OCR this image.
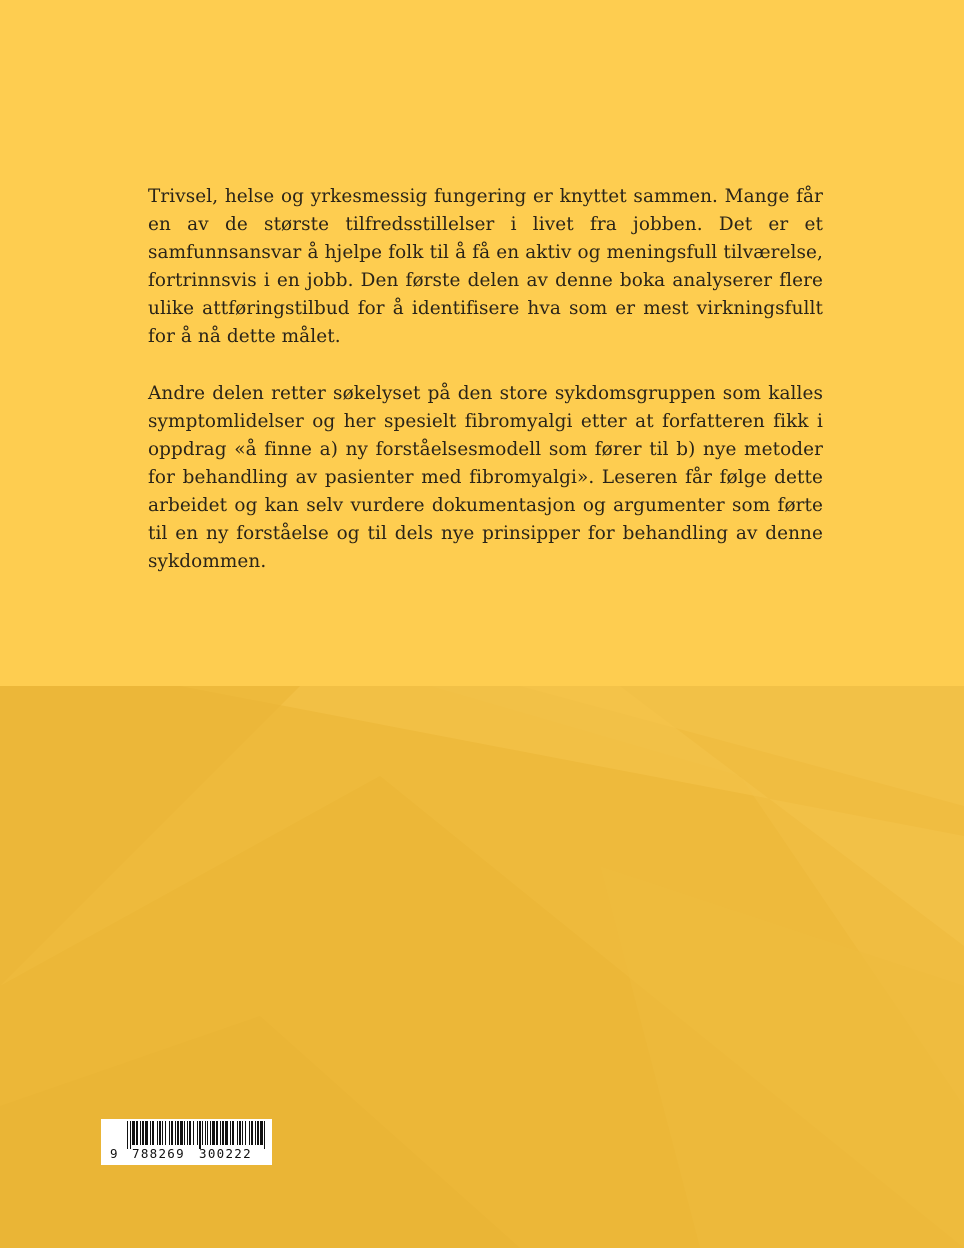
Trivsel, helse og yrkesmessig fungering er knyttet sammen. Mange får en av de største tilfredsstillelser i livet fra jobben. Det er et samfunnsansvar å hjelpe folk til å få en aktiv og meningsfull tilværelse, fortrinnsvis i en jobb. Den første delen av denne boka analyserer flere ulike attføringstilbud for å identifisere hva som er mest virkningsfullt for å nå dette målet.

Andre delen retter søkelyset på den store sykdomsgruppen som kalles symptomlidelser og her spesielt fibromyalgi etter at forfatteren fikk i oppdrag «å finne a) ny forståelsesmodell som fører til b) nye metoder for behandling av pasienter med fibromyalgi». Leseren får følge dette arbeidet og kan selv vurdere dokumentasjon og argumenter som førte til en ny forståelse og til dels nye prinsipper for behandling av denne sykdommen.

9

788269

300222
